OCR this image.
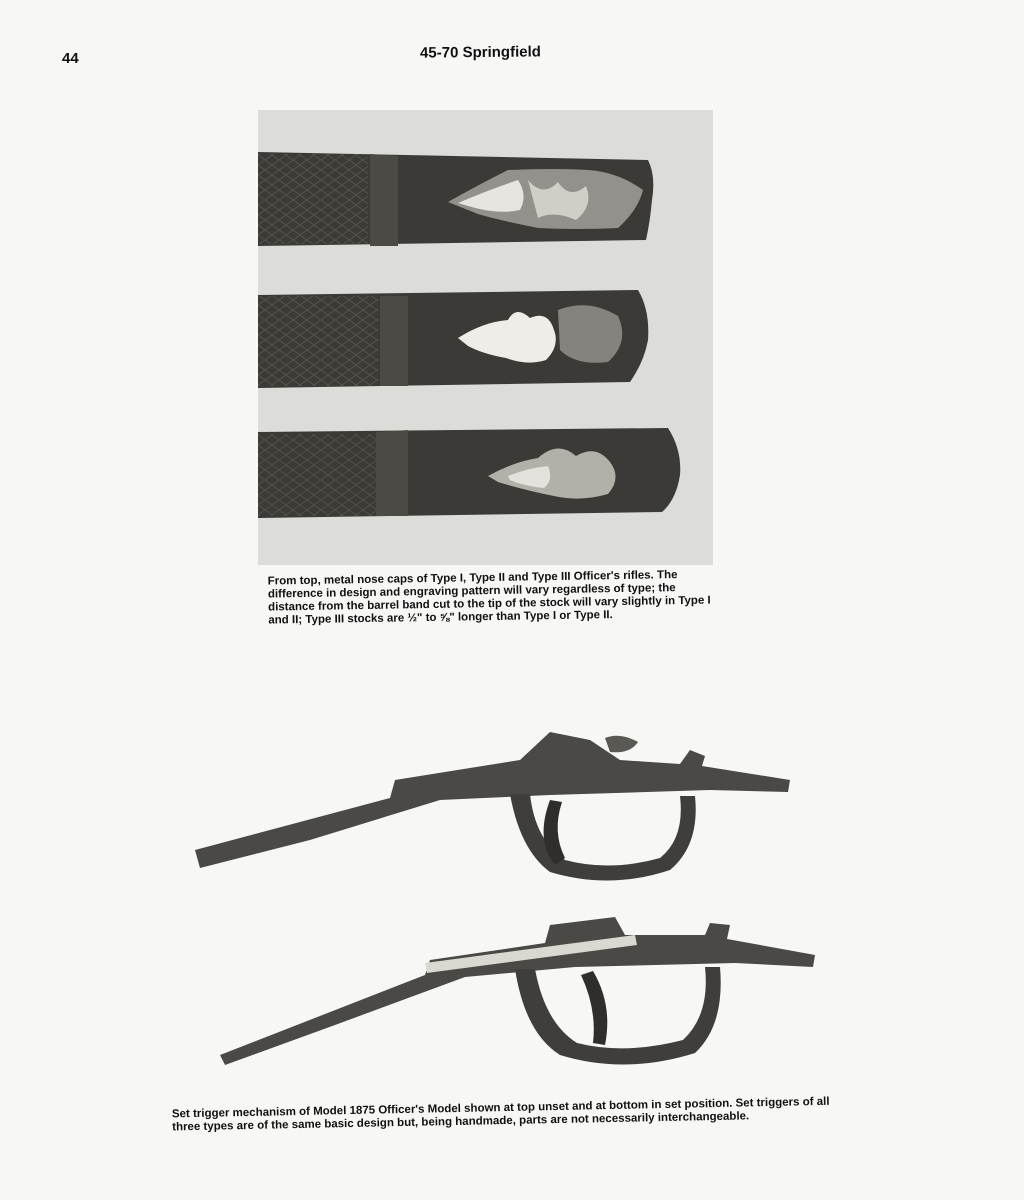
44	45-70 Springfield
From top, metal nose caps of Type I, Type II and Type III Officer's rifles. The difference in design and engraving pattern will vary regardless of type; the distance from the barrel band cut to the tip of the stock will vary slightly in Type I and II; Type III stocks are ½" to ⅝" longer than Type I or Type II.
Set trigger mechanism of Model 1875 Officer's Model shown at top unset and at bottom in set position. Set triggers of all three types are of the same basic design but, being handmade, parts are not necessarily interchangeable.
